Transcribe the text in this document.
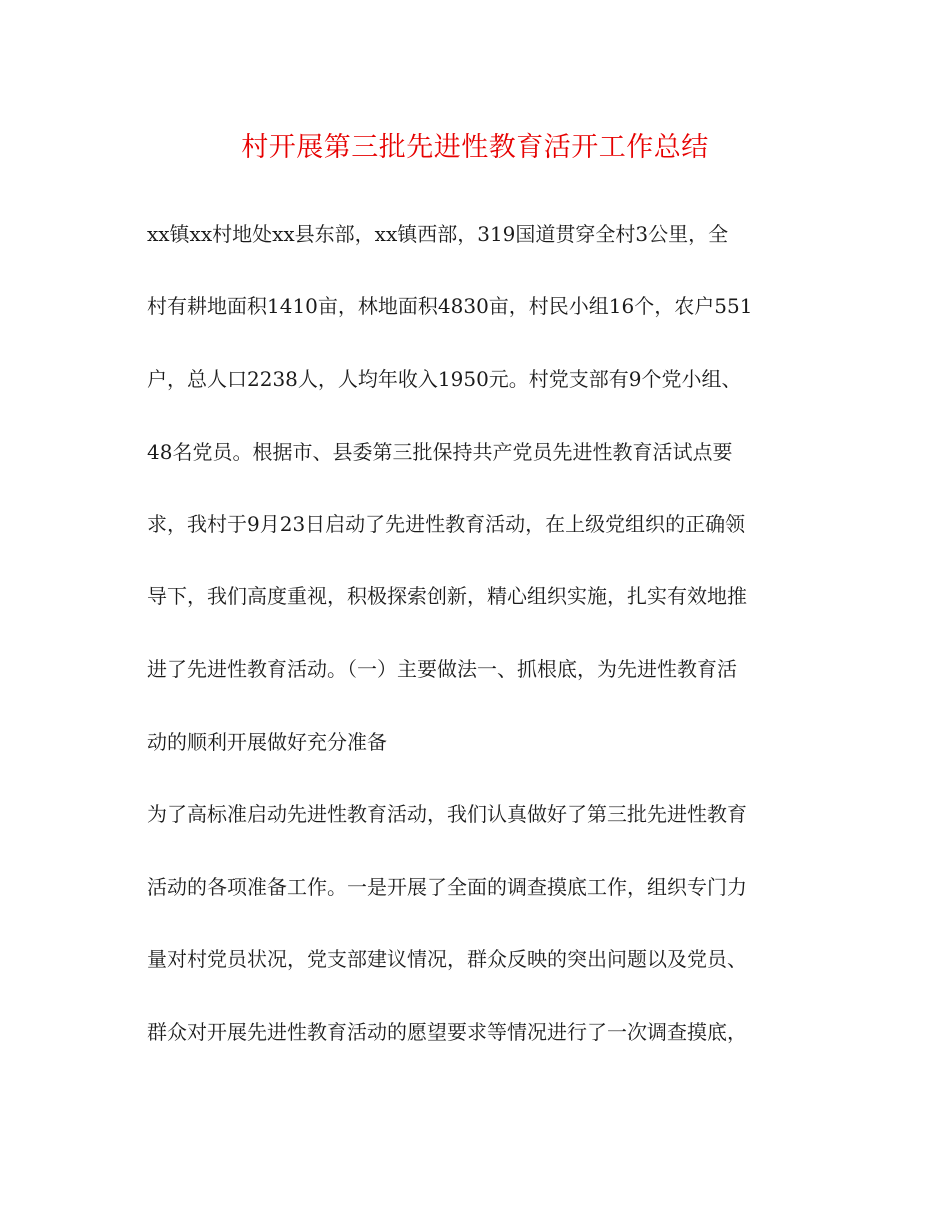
村开展第三批先进性教育活开工作总结
xx镇xx村地处xx县东部，xx镇西部，319国道贯穿全村3公里，全
村有耕地面积1410亩，林地面积4830亩，村民小组16个，农户551
户，总人口2238人，人均年收入1950元。村党支部有9个党小组、
48名党员。根据市、县委第三批保持共产党员先进性教育活试点要
求，我村于9月23日启动了先进性教育活动，在上级党组织的正确领
导下，我们高度重视，积极探索创新，精心组织实施，扎实有效地推
进了先进性教育活动。（一）主要做法一、抓根底，为先进性教育活
动的顺利开展做好充分准备
为了高标准启动先进性教育活动，我们认真做好了第三批先进性教育
活动的各项准备工作。一是开展了全面的调查摸底工作，组织专门力
量对村党员状况，党支部建议情况，群众反映的突出问题以及党员、
群众对开展先进性教育活动的愿望要求等情况进行了一次调查摸底，
